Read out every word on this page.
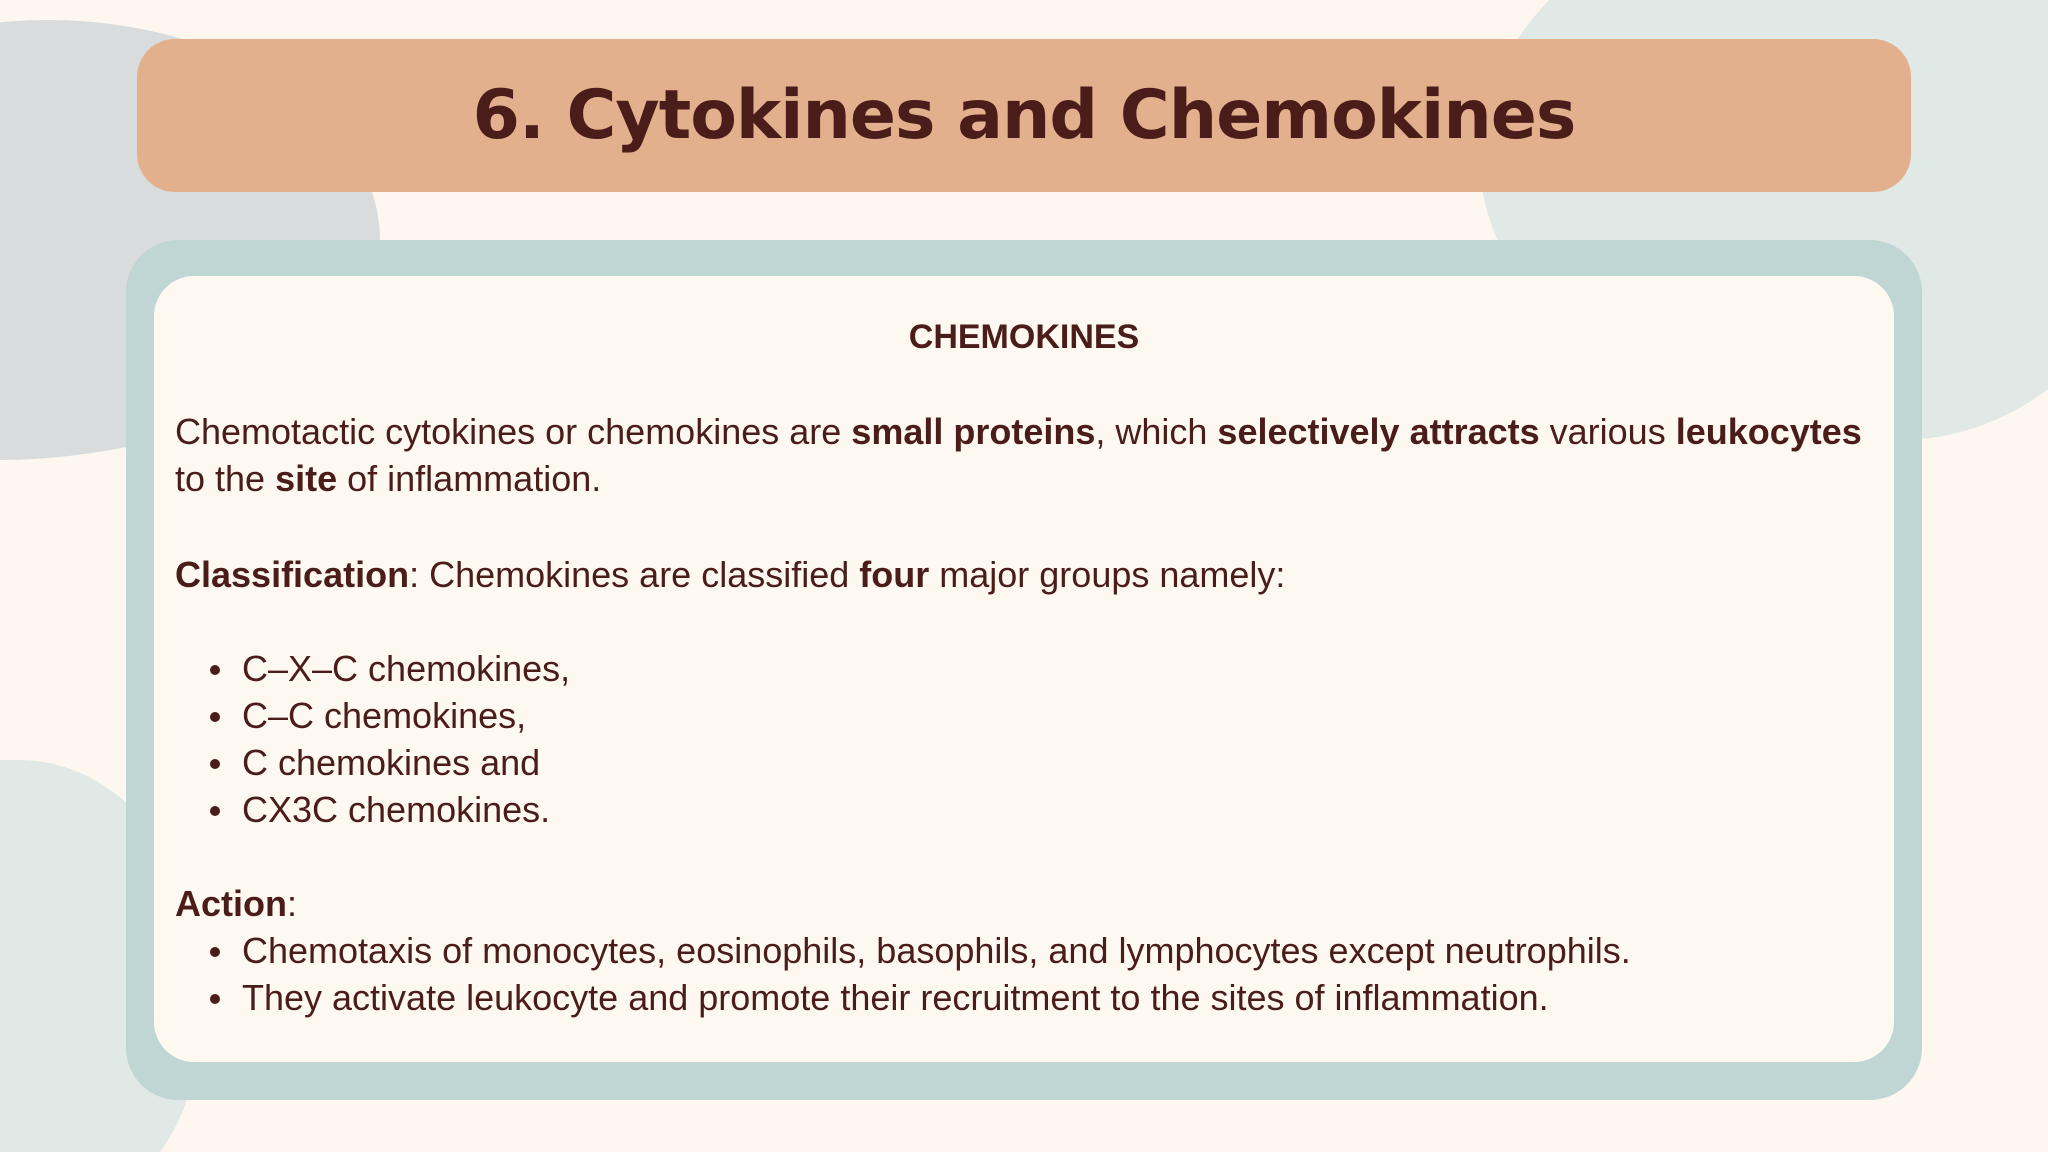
6. Cytokines and Chemokines
CHEMOKINES
Chemotactic cytokines or chemokines are small proteins, which selectively attracts various leukocytes to the site of inflammation.
Classification: Chemokines are classified four major groups namely:
C–X–C chemokines,
C–C chemokines,
C chemokines and
CX3C chemokines.
Action:
Chemotaxis of monocytes, eosinophils, basophils, and lymphocytes except neutrophils.
They activate leukocyte and promote their recruitment to the sites of inflammation.
